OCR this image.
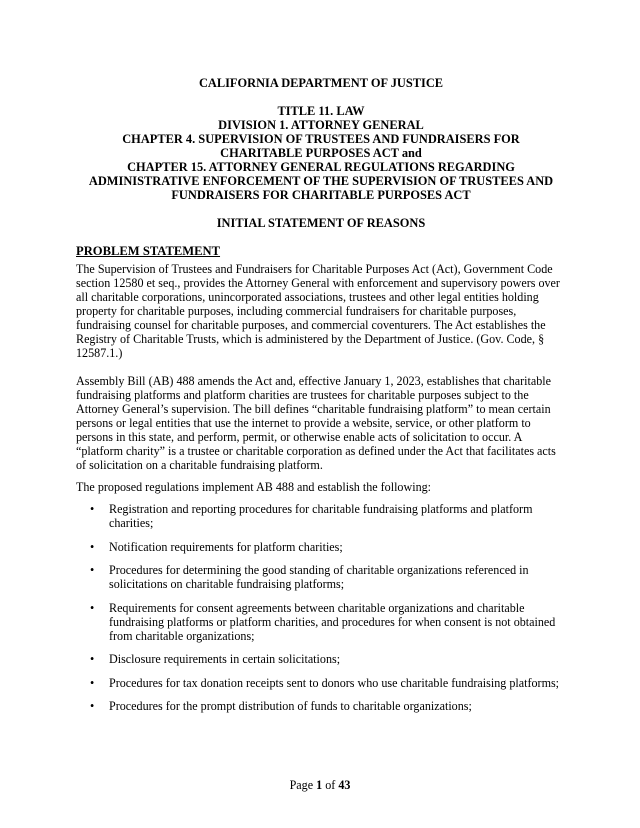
CALIFORNIA DEPARTMENT OF JUSTICE

TITLE 11. LAW

DIVISION 1. ATTORNEY GENERAL

CHAPTER 4. SUPERVISION OF TRUSTEES AND FUNDRAISERS FOR

CHARITABLE PURPOSES ACT and

CHAPTER 15. ATTORNEY GENERAL REGULATIONS REGARDING

ADMINISTRATIVE ENFORCEMENT OF THE SUPERVISION OF TRUSTEES AND

FUNDRAISERS FOR CHARITABLE PURPOSES ACT

INITIAL STATEMENT OF REASONS

PROBLEM STATEMENT

The Supervision of Trustees and Fundraisers for Charitable Purposes Act (Act), Government Code section 12580 et seq., provides the Attorney General with enforcement and supervisory powers over all charitable corporations, unincorporated associations, trustees and other legal entities holding property for charitable purposes, including commercial fundraisers for charitable purposes, fundraising counsel for charitable purposes, and commercial coventurers. The Act establishes the Registry of Charitable Trusts, which is administered by the Department of Justice. (Gov. Code, § 12587.1.)

Assembly Bill (AB) 488 amends the Act and, effective January 1, 2023, establishes that charitable fundraising platforms and platform charities are trustees for charitable purposes subject to the Attorney General’s supervision. The bill defines “charitable fundraising platform” to mean certain persons or legal entities that use the internet to provide a website, service, or other platform to persons in this state, and perform, permit, or otherwise enable acts of solicitation to occur. A “platform charity” is a trustee or charitable corporation as defined under the Act that facilitates acts of solicitation on a charitable fundraising platform.

The proposed regulations implement AB 488 and establish the following:

• Registration and reporting procedures for charitable fundraising platforms and platform charities;
• Notification requirements for platform charities;
• Procedures for determining the good standing of charitable organizations referenced in solicitations on charitable fundraising platforms;
• Requirements for consent agreements between charitable organizations and charitable fundraising platforms or platform charities, and procedures for when consent is not obtained from charitable organizations;
• Disclosure requirements in certain solicitations;
• Procedures for tax donation receipts sent to donors who use charitable fundraising platforms;
• Procedures for the prompt distribution of funds to charitable organizations;
Page 1 of 43
